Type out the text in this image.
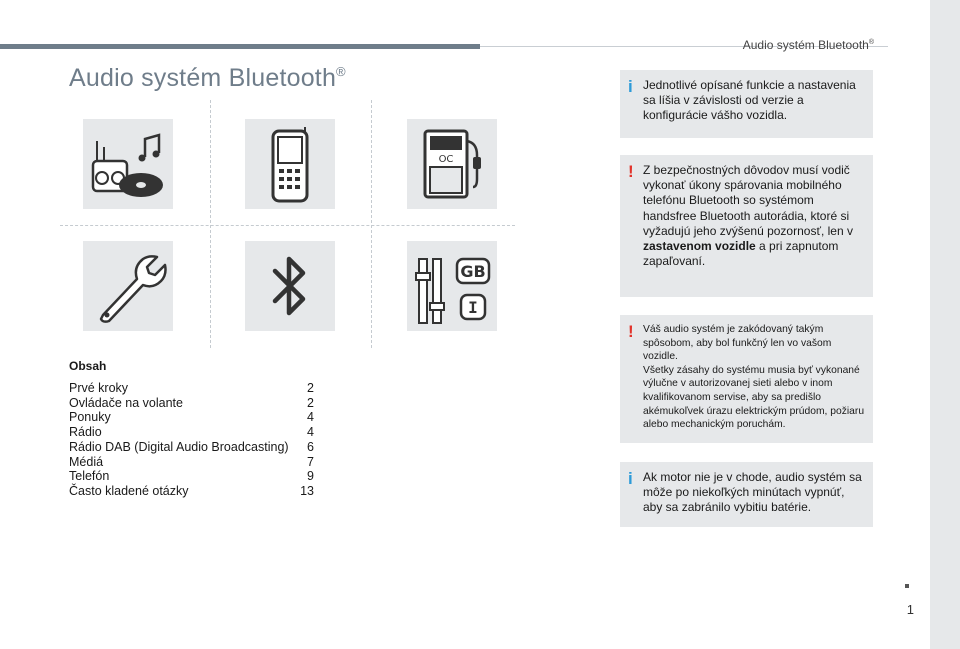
Audio systém Bluetooth®
Audio systém Bluetooth®
OC
GB
I
Obsah
Prvé kroky	2
Ovládače na volante	2
Ponuky	4
Rádio	4
Rádio DAB (Digital Audio Broadcasting) 6
Médiá	7
Telefón	9
Často kladené otázky	13
i Jednotlivé opísané funkcie a nastavenia sa líšia v závislosti od verzie a konfigurácie vášho vozidla.
! Z bezpečnostných dôvodov musí vodič vykonať úkony spárovania mobilného telefónu Bluetooth so systémom handsfree Bluetooth autorádia, ktoré si vyžadujú jeho zvýšenú pozornosť, len v zastavenom vozidle a pri zapnutom zapaľovaní.
! Váš audio systém je zakódovaný takým spôsobom, aby bol funkčný len vo vašom vozidle.
Všetky zásahy do systému musia byť vykonané výlučne v autorizovanej sieti alebo v inom kvalifikovanom servise, aby sa predišlo akémukoľvek úrazu elektrickým prúdom, požiaru alebo mechanickým poruchám.
i Ak motor nie je v chode, audio systém sa môže po niekoľkých minútach vypnúť, aby sa zabránilo vybitiu batérie.
1
